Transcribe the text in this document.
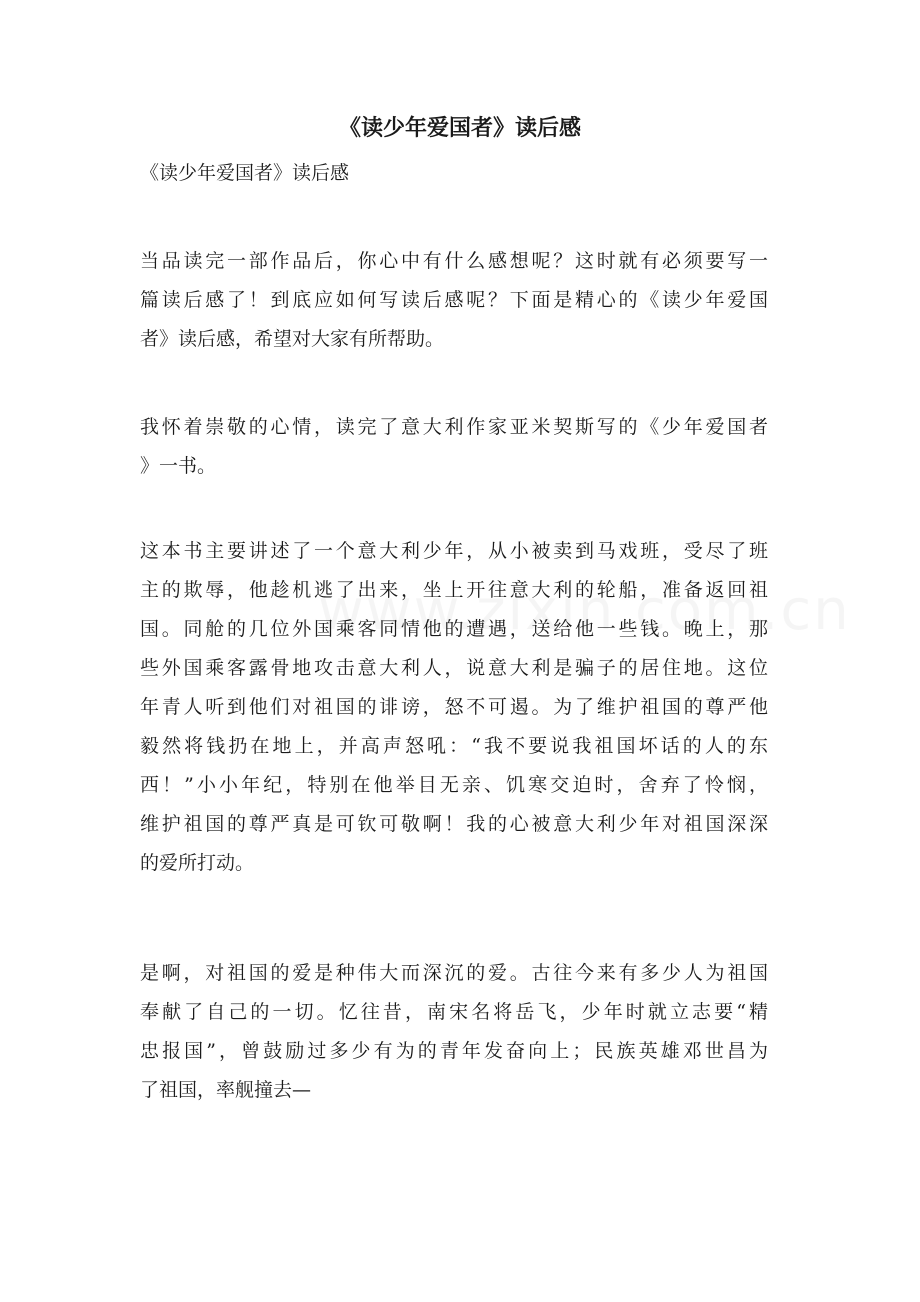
《读少年爱国者》读后感

《读少年爱国者》读后感

当品读完一部作品后，你心中有什么感想呢？这时就有必须要写一
篇读后感了！到底应如何写读后感呢？下面是精心的《读少年爱国
者》读后感，希望对大家有所帮助。

我怀着崇敬的心情，读完了意大利作家亚米契斯写的《少年爱国者
》一书。

这本书主要讲述了一个意大利少年，从小被卖到马戏班，受尽了班
主的欺辱，他趁机逃了出来，坐上开往意大利的轮船，准备返回祖
国。同舱的几位外国乘客同情他的遭遇，送给他一些钱。晚上，那
些外国乘客露骨地攻击意大利人，说意大利是骗子的居住地。这位
年青人听到他们对祖国的诽谤，怒不可遏。为了维护祖国的尊严他
毅然将钱扔在地上，并高声怒吼：“我不要说我祖国坏话的人的东
西！”小小年纪，特别在他举目无亲、饥寒交迫时，舍弃了怜悯，
维护祖国的尊严真是可钦可敬啊！我的心被意大利少年对祖国深深
的爱所打动。

是啊，对祖国的爱是种伟大而深沉的爱。古往今来有多少人为祖国
奉献了自己的一切。忆往昔，南宋名将岳飞，少年时就立志要“精
忠报国”，曾鼓励过多少有为的青年发奋向上；民族英雄邓世昌为
了祖国，率舰撞去—
